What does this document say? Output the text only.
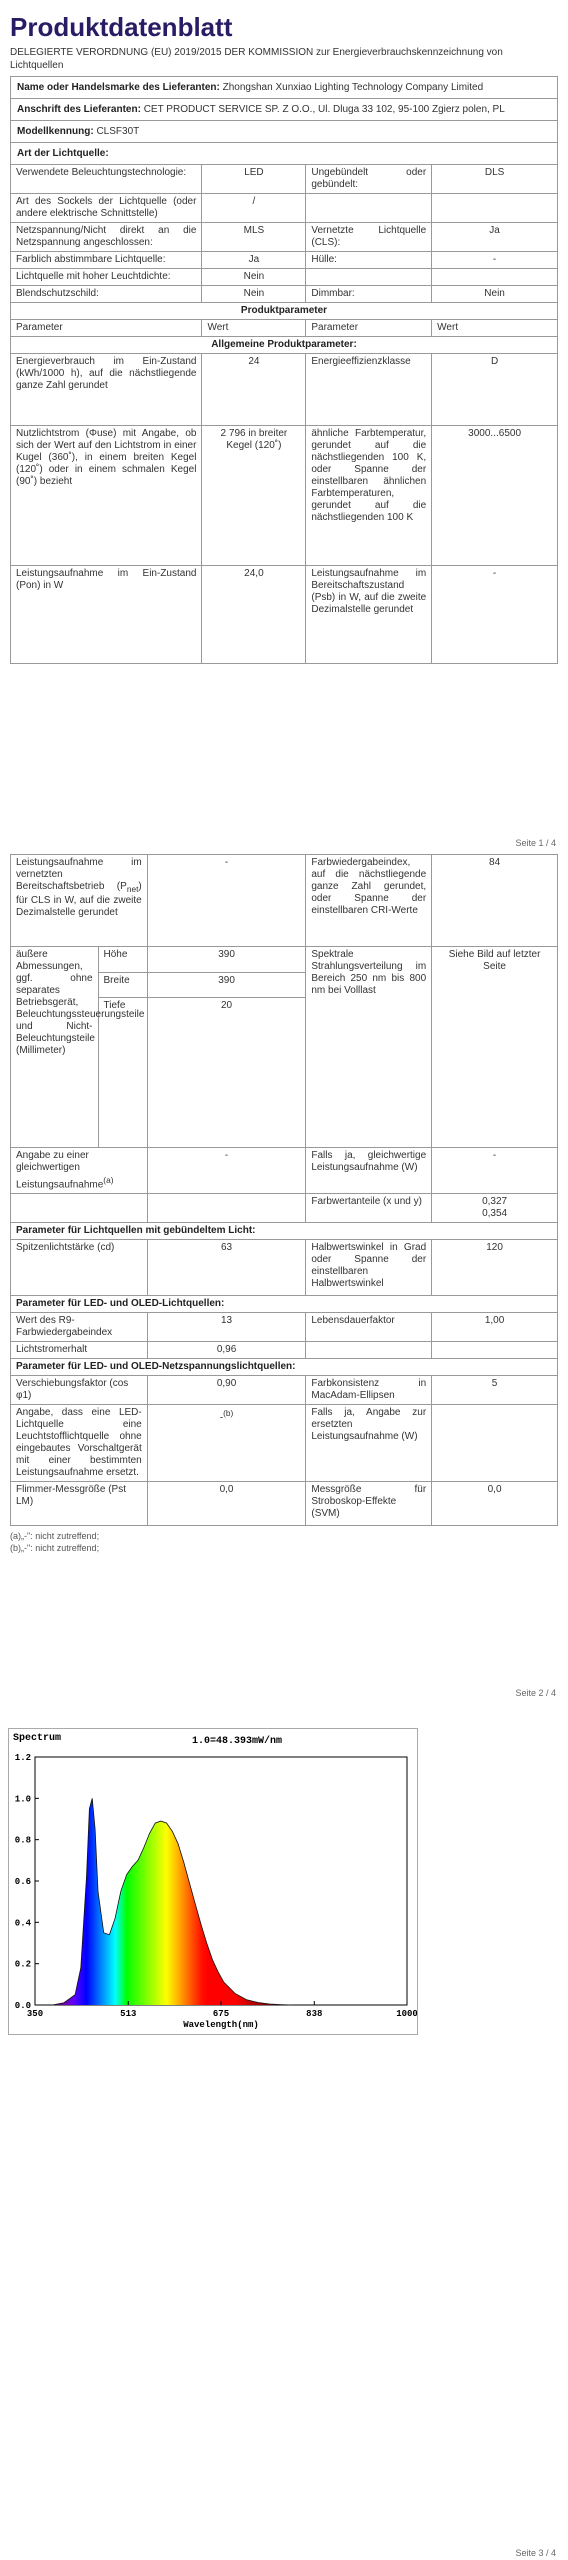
Produktdatenblatt
DELEGIERTE VERORDNUNG (EU) 2019/2015 DER KOMMISSION zur Energieverbrauchskennzeichnung von Lichtquellen
Name oder Handelsmarke des Lieferanten: Zhongshan Xunxiao Lighting Technology Company Limited
Anschrift des Lieferanten: CET PRODUCT SERVICE SP. Z O.O., Ul. Dluga 33 102, 95-100 Zgierz polen, PL
Modellkennung: CLSF30T
Art der Lichtquelle:
Verwendete Beleuchtungstechnologie:	LED	Ungebündelt oder gebündelt:	DLS
Art des Sockels der Lichtquelle (oder andere elektrische Schnittstelle)	/		
Netzspannung/Nicht direkt an die Netzspannung angeschlossen:	MLS	Vernetzte Lichtquelle (CLS):	Ja
Farblich abstimmbare Lichtquelle:	Ja	Hülle:	-
Lichtquelle mit hoher Leuchtdichte:	Nein		
Blendschutzschild:	Nein	Dimmbar:	Nein
Produktparameter			
Parameter	Wert	Parameter	Wert
Allgemeine Produktparameter:			
Energieverbrauch im Ein-Zustand (kWh/1000 h), auf die nächstliegende ganze Zahl gerundet	24	Energieeffizienzklasse	D
Nutzlichtstrom (Φuse) mit Angabe, ob sich der Wert auf den Lichtstrom in einer Kugel (360˚), in einem breiten Kegel (120˚) oder in einem schmalen Kegel (90˚) bezieht	2 796 in breiter Kegel (120˚)	ähnliche Farbtemperatur, gerundet auf die nächstliegenden 100 K, oder Spanne der einstellbaren ähnlichen Farbtemperaturen, gerundet auf die nächstliegenden 100 K	3000...6500
Leistungsaufnahme im Ein-Zustand (Pon) in W	24,0	Leistungsaufnahme im Bereitschaftszustand (Psb) in W, auf die zweite Dezimalstelle gerundet	-
Seite 1 / 4
Leistungsaufnahme im vernetzten Bereitschaftsbetrieb $(P_{net})$ für CLS in W, auf die zweite Dezimalstelle gerundet		-	Farbwiedergabeindex, auf die nächstliegende ganze Zahl gerundet, oder Spanne der einstellbaren CRI-Werte	84
äußere Abmessungen, ggf. ohne separates Betriebsgerät, Beleuchtungssteuerungsteile und Nicht-Beleuchtungsteile (Millimeter)	Höhe	390	Spektrale Strahlungsverteilung im Bereich 250 nm bis 800 nm bei Volllast	Siehe Bild auf letzter Seite
	Breite	390		
	Tiefe	20		
Angabe zu einer gleichwertigen Leistungsaufnahme$^{(a)}$		-	Falls ja, gleichwertige Leistungsaufnahme (W)	-
			Farbwertanteile (x und y)	0,327
0,354

Parameter für Lichtquellen mit gebündeltem Licht:				
Spitzenlichtstärke (cd)		63	Halbwertswinkel in Grad oder Spanne der einstellbaren Halbwertswinkel	120
Parameter für LED- und OLED-Lichtquellen:				
Wert des R9-Farbwiedergabeindex		13	Lebensdauerfaktor	1,00
Lichtstromerhalt		0,96		
Parameter für LED- und OLED-Netzspannungslichtquellen:				
Verschiebungsfaktor (cos φ1)		0,90	Farbkonsistenz in MacAdam-Ellipsen	5
Angabe, dass eine LED-Lichtquelle eine Leuchtstofflichtquelle ohne eingebautes Vorschaltgerät mit einer bestimmten Leistungsaufnahme ersetzt.		-$^{(b)}$	Falls ja, Angabe zur ersetzten Leistungsaufnahme (W)	
Flimmer-Messgröße (Pst LM)		0,0	Messgröße für Stroboskop-Effekte (SVM)	0,0
(a)„-": nicht zutreffend;
(b)„-": nicht zutreffend;
Seite 2 / 4
0.0
0.2
0.4
0.6
0.8
1.0
1.2
350	513	675	838	1000
Spectrum	1.0=48.393mW/nm
Wavelength(nm)
Seite 3 / 4
